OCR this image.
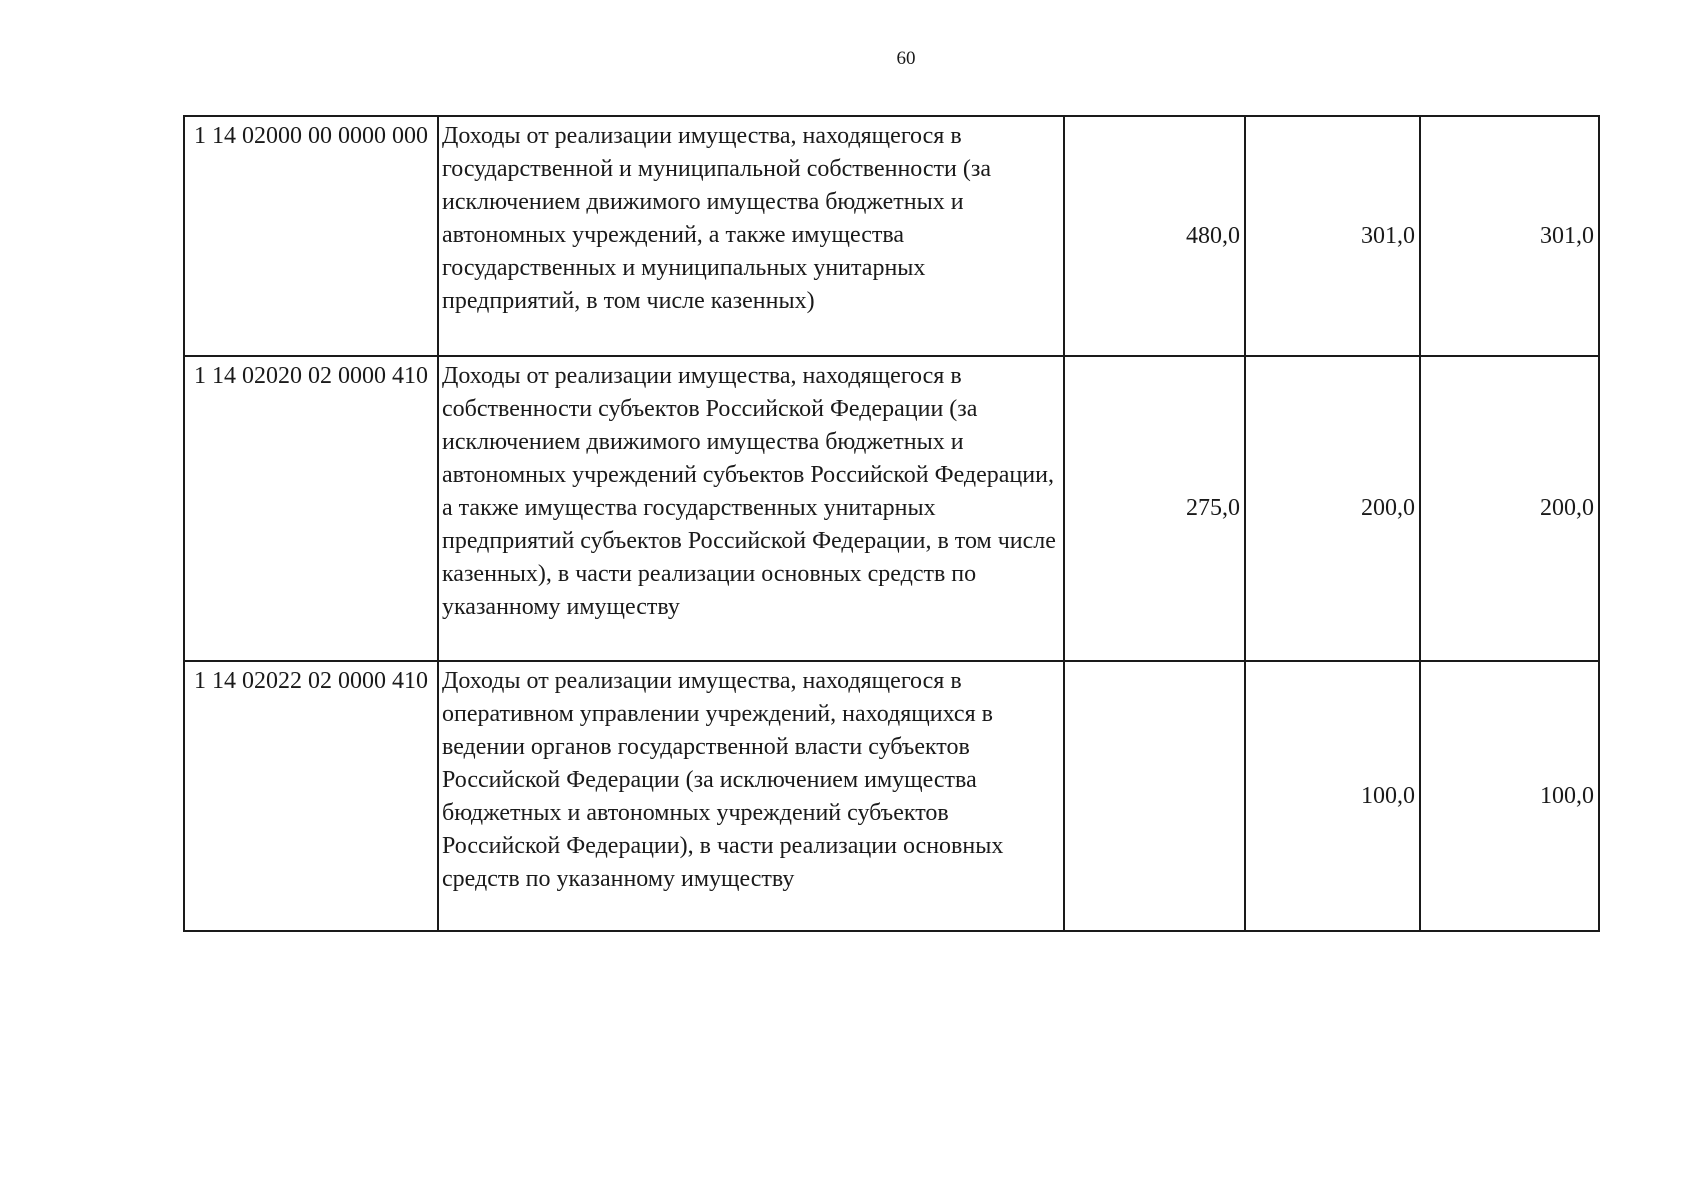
60
1 14 02000 00 0000 000	Доходы от реализации имущества, находящегося в государственной и муниципальной собственности (за исключением движимого имущества бюджетных и автономных учреждений, а также имущества государственных и муниципальных унитарных предприятий, в том числе казенных)	480,0	301,0	301,0
1 14 02020 02 0000 410	Доходы от реализации имущества, находящегося в собственности субъектов Российской Федерации (за исключением движимого имущества бюджетных и автономных учреждений субъектов Российской Федерации, а также имущества государственных унитарных предприятий субъектов Российской Федерации, в том числе казенных), в части реализации основных средств по указанному имуществу	275,0	200,0	200,0
1 14 02022 02 0000 410	Доходы от реализации имущества, находящегося в оперативном управлении учреждений, находящихся в ведении органов государственной власти субъектов Российской Федерации (за исключением имущества бюджетных и автономных учреждений субъектов Российской Федерации), в части реализации основных средств по указанному имуществу		100,0	100,0
